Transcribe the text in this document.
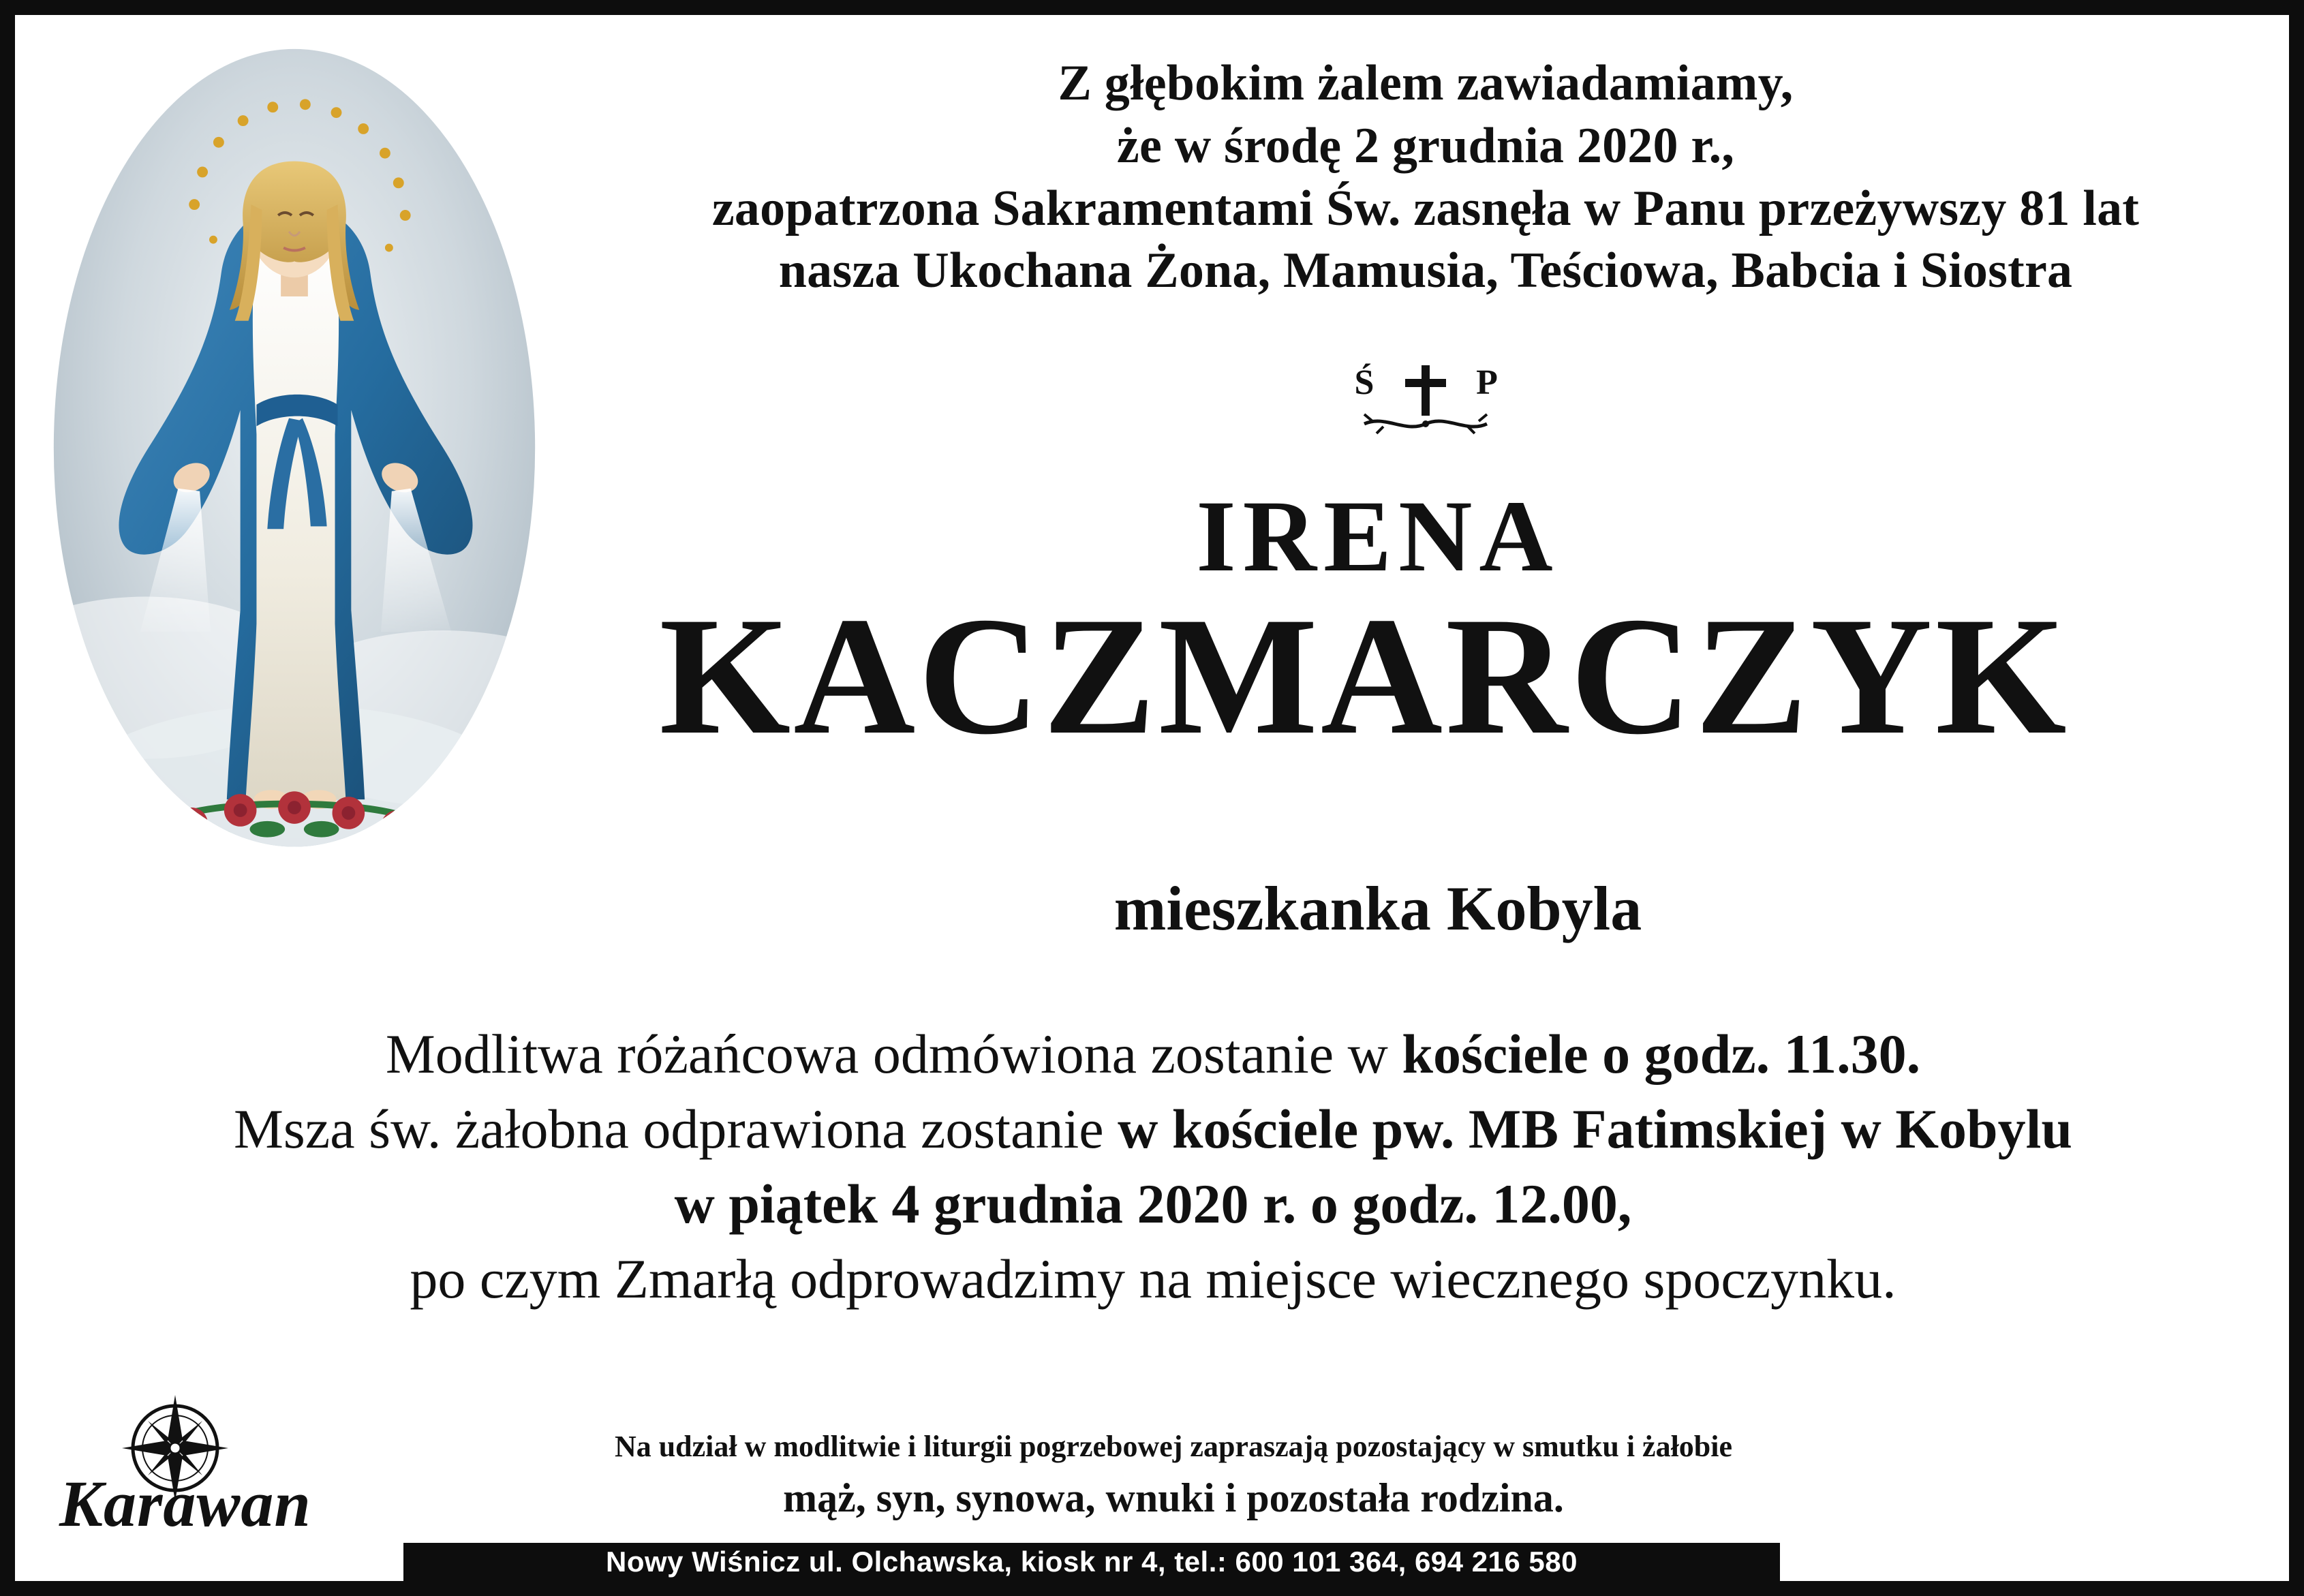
Z głębokim żalem zawiadamiamy,
że w środę 2 grudnia 2020 r.,
zaopatrzona Sakramentami Św. zasnęła w Panu przeżywszy 81 lat
nasza Ukochana Żona, Mamusia, Teściowa, Babcia i Siostra
Ś	P
IRENA
KACZMARCZYK
mieszkanka Kobyla
Modlitwa różańcowa odmówiona zostanie w kościele o godz. 11.30.
Msza św. żałobna odprawiona zostanie w kościele pw. MB Fatimskiej w Kobylu
w piątek 4 grudnia 2020 r. o godz. 12.00,
po czym Zmarłą odprowadzimy na miejsce wiecznego spoczynku.
Na udział w modlitwie i liturgii pogrzebowej zapraszają pozostający w smutku i żałobie
mąż, syn, synowa, wnuki i pozostała rodzina.
Karawan
Nowy Wiśnicz ul. Olchawska, kiosk nr 4, tel.: 600 101 364, 694 216 580
